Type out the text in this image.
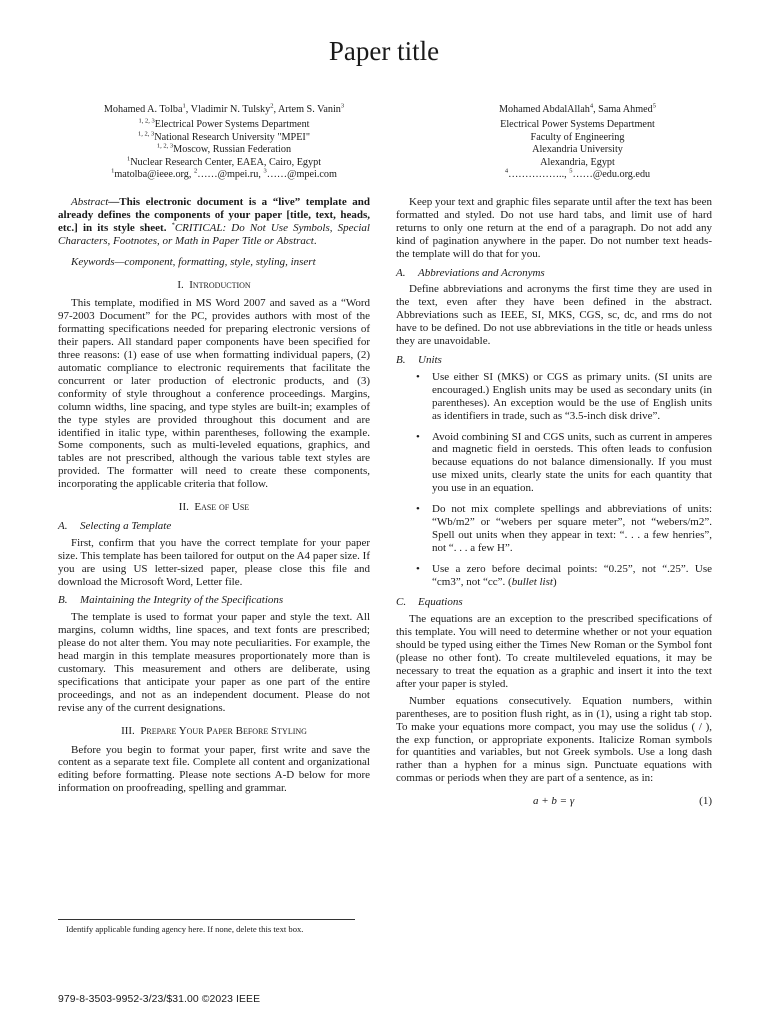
Paper title

Mohamed A. Tolba$^1$, Vladimir N. Tulsky$^2$, Artem S. Vanin$^3$

$^{1, 2, 3}$Electrical Power Systems Department

$^{1, 2, 3}$National Research University "MPEI"

$^{1, 2, 3}$Moscow, Russian Federation

$^1$Nuclear Research Center, EAEA, Cairo, Egypt

$^1$matolba@ieee.org, $^2$……@mpei.ru, $^3$……@mpei.com

Mohamed AbdalAllah$^4$, Sama Ahmed$^5$

Electrical Power Systems Department

Faculty of Engineering

Alexandria University

Alexandria, Egypt

$^4$…………….., $^5$……@edu.org.edu

Abstract—This electronic document is a “live” template and already defines the components of your paper [title, text, heads, etc.] in its style sheet. *CRITICAL: Do Not Use Symbols, Special Characters, Footnotes, or Math in Paper Title or Abstract.

Keywords—component, formatting, style, styling, insert

I. Introduction

This template, modified in MS Word 2007 and saved as a “Word 97-2003 Document” for the PC, provides authors with most of the formatting specifications needed for preparing electronic versions of their papers. All standard paper components have been specified for three reasons: (1) ease of use when formatting individual papers, (2) automatic compliance to electronic requirements that facilitate the concurrent or later production of electronic products, and (3) conformity of style throughout a conference proceedings. Margins, column widths, line spacing, and type styles are built-in; examples of the type styles are provided throughout this document and are identified in italic type, within parentheses, following the example. Some components, such as multi-leveled equations, graphics, and tables are not prescribed, although the various table text styles are provided. The formatter will need to create these components, incorporating the applicable criteria that follow.

II. Ease of Use

A. Selecting a Template

First, confirm that you have the correct template for your paper size. This template has been tailored for output on the A4 paper size. If you are using US letter-sized paper, please close this file and download the Microsoft Word, Letter file.

B. Maintaining the Integrity of the Specifications

The template is used to format your paper and style the text. All margins, column widths, line spaces, and text fonts are prescribed; please do not alter them. You may note peculiarities. For example, the head margin in this template measures proportionately more than is customary. This measurement and others are deliberate, using specifications that anticipate your paper as one part of the entire proceedings, and not as an independent document. Please do not revise any of the current designations.

III. Prepare Your Paper Before Styling

Before you begin to format your paper, first write and save the content as a separate text file. Complete all content and organizational editing before formatting. Please note sections A-D below for more information on proofreading, spelling and grammar.

Keep your text and graphic files separate until after the text has been formatted and styled. Do not use hard tabs, and limit use of hard returns to only one return at the end of a paragraph. Do not add any kind of pagination anywhere in the paper. Do not number text heads-the template will do that for you.

A. Abbreviations and Acronyms

Define abbreviations and acronyms the first time they are used in the text, even after they have been defined in the abstract. Abbreviations such as IEEE, SI, MKS, CGS, sc, dc, and rms do not have to be defined. Do not use abbreviations in the title or heads unless they are unavoidable.

B. Units

• Use either SI (MKS) or CGS as primary units. (SI units are encouraged.) English units may be used as secondary units (in parentheses). An exception would be the use of English units as identifiers in trade, such as “3.5-inch disk drive”.
• Avoid combining SI and CGS units, such as current in amperes and magnetic field in oersteds. This often leads to confusion because equations do not balance dimensionally. If you must use mixed units, clearly state the units for each quantity that you use in an equation.
• Do not mix complete spellings and abbreviations of units: “Wb/m2” or “webers per square meter”, not “webers/m2”. Spell out units when they appear in text: “. . . a few henries”, not “. . . a few H”.
• Use a zero before decimal points: “0.25”, not “.25”. Use “cm3”, not “cc”. (bullet list)

C. Equations

The equations are an exception to the prescribed specifications of this template. You will need to determine whether or not your equation should be typed using either the Times New Roman or the Symbol font (please no other font). To create multileveled equations, it may be necessary to treat the equation as a graphic and insert it into the text after your paper is styled.

Number equations consecutively. Equation numbers, within parentheses, are to position flush right, as in (1), using a right tab stop. To make your equations more compact, you may use the solidus ( / ), the exp function, or appropriate exponents. Italicize Roman symbols for quantities and variables, but not Greek symbols. Use a long dash rather than a hyphen for a minus sign. Punctuate equations with commas or periods when they are part of a sentence, as in:

a + b = γ	(1)
Identify applicable funding agency here. If none, delete this text box.
979-8-3503-9952-3/23/$31.00 ©2023 IEEE
